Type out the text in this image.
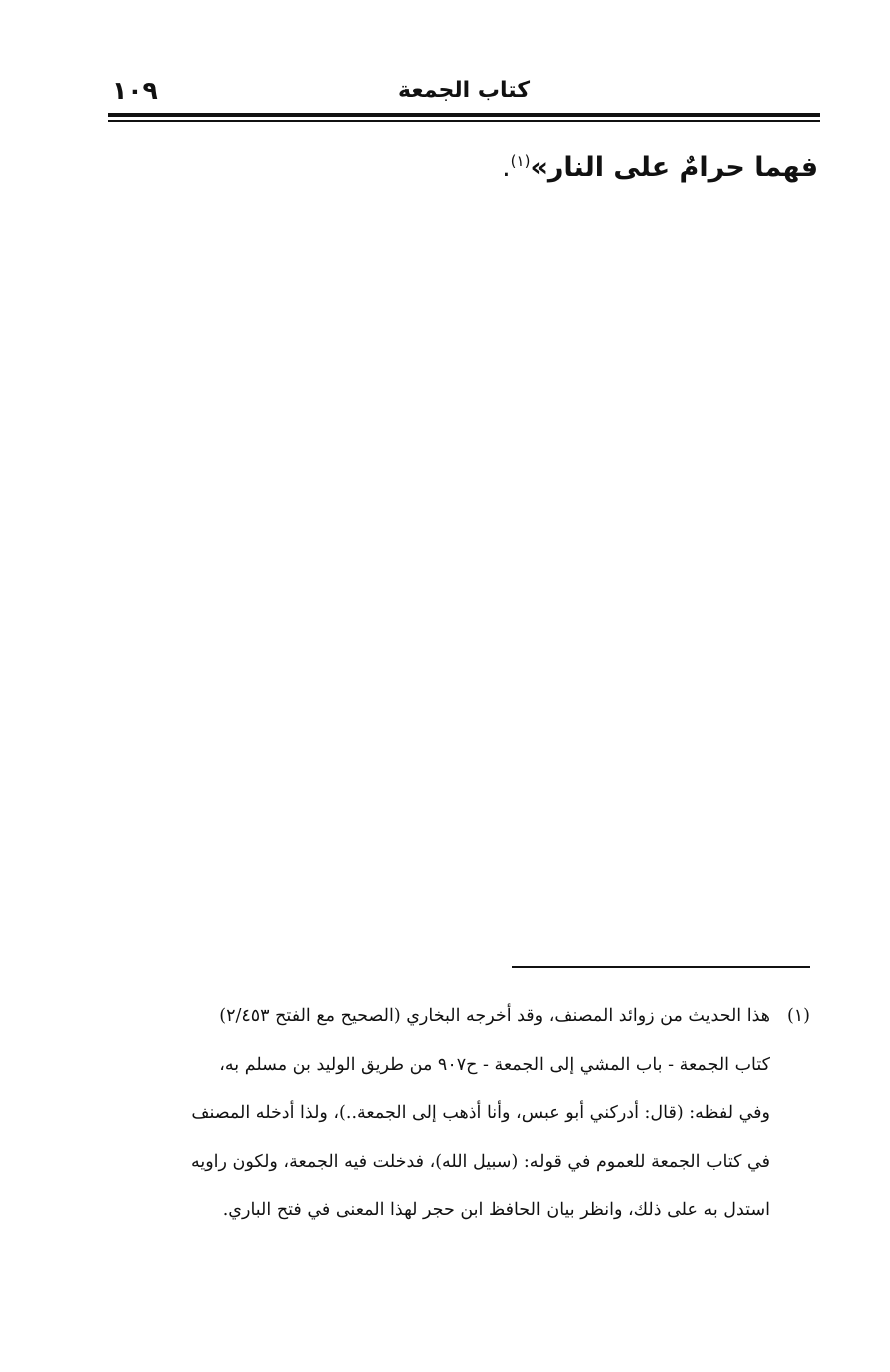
١٠٩	كتاب الجمعة
فهما حرامٌ على النار»$^{(١)}$.
(١)هذا الحديث من زوائد المصنف، وقد أخرجه البخاري (الصحيح مع الفتح ٢/٤٥٣)
كتاب الجمعة - باب المشي إلى الجمعة - ح٩٠٧ من طريق الوليد بن مسلم به،
وفي لفظه: (قال: أدركني أبو عبس، وأنا أذهب إلى الجمعة..)، ولذا أدخله المصنف
في كتاب الجمعة للعموم في قوله: (سبيل الله)، فدخلت فيه الجمعة، ولكون راويه
استدل به على ذلك، وانظر بيان الحافظ ابن حجر لهذا المعنى في فتح الباري.
